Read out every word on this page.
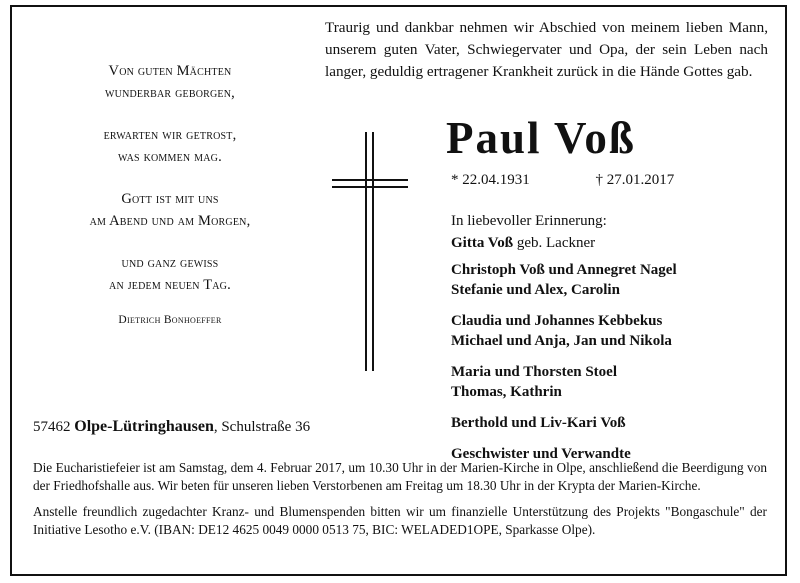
Von guten Mächten
wunderbar geborgen,
erwarten wir getrost,
was kommen mag.
Gott ist mit uns
am Abend und am Morgen,
und ganz gewiss
an jedem neuen Tag.
Dietrich Bonhoeffer
Traurig und dankbar nehmen wir Abschied von meinem lieben Mann, unserem guten Vater, Schwiegervater und Opa, der sein Leben nach langer, geduldig ertragener Krankheit zurück in die Hände Gottes gab.
Paul Voß
* 22.04.1931	† 27.01.2017
In liebevoller Erinnerung:
Gitta Voß geb. Lackner
Christoph Voß und Annegret Nagel
Stefanie und Alex, Carolin
Claudia und Johannes Kebbekus
Michael und Anja, Jan und Nikola
Maria und Thorsten Stoel
Thomas, Kathrin
Berthold und Liv-Kari Voß
Geschwister und Verwandte
57462 Olpe-Lütringhausen, Schulstraße 36

Die Eucharistiefeier ist am Samstag, dem 4. Februar 2017, um 10.30 Uhr in der Marien-Kirche in Olpe, anschließend die Beerdigung von der Friedhofshalle aus. Wir beten für unseren lieben Verstorbenen am Freitag um 18.30 Uhr in der Krypta der Marien-Kirche.

Anstelle freundlich zugedachter Kranz- und Blumenspenden bitten wir um finanzielle Unterstützung des Projekts "Bongaschule" der Initiative Lesotho e.V. (IBAN: DE12 4625 0049 0000 0513 75, BIC: WELADED1OPE, Sparkasse Olpe).
